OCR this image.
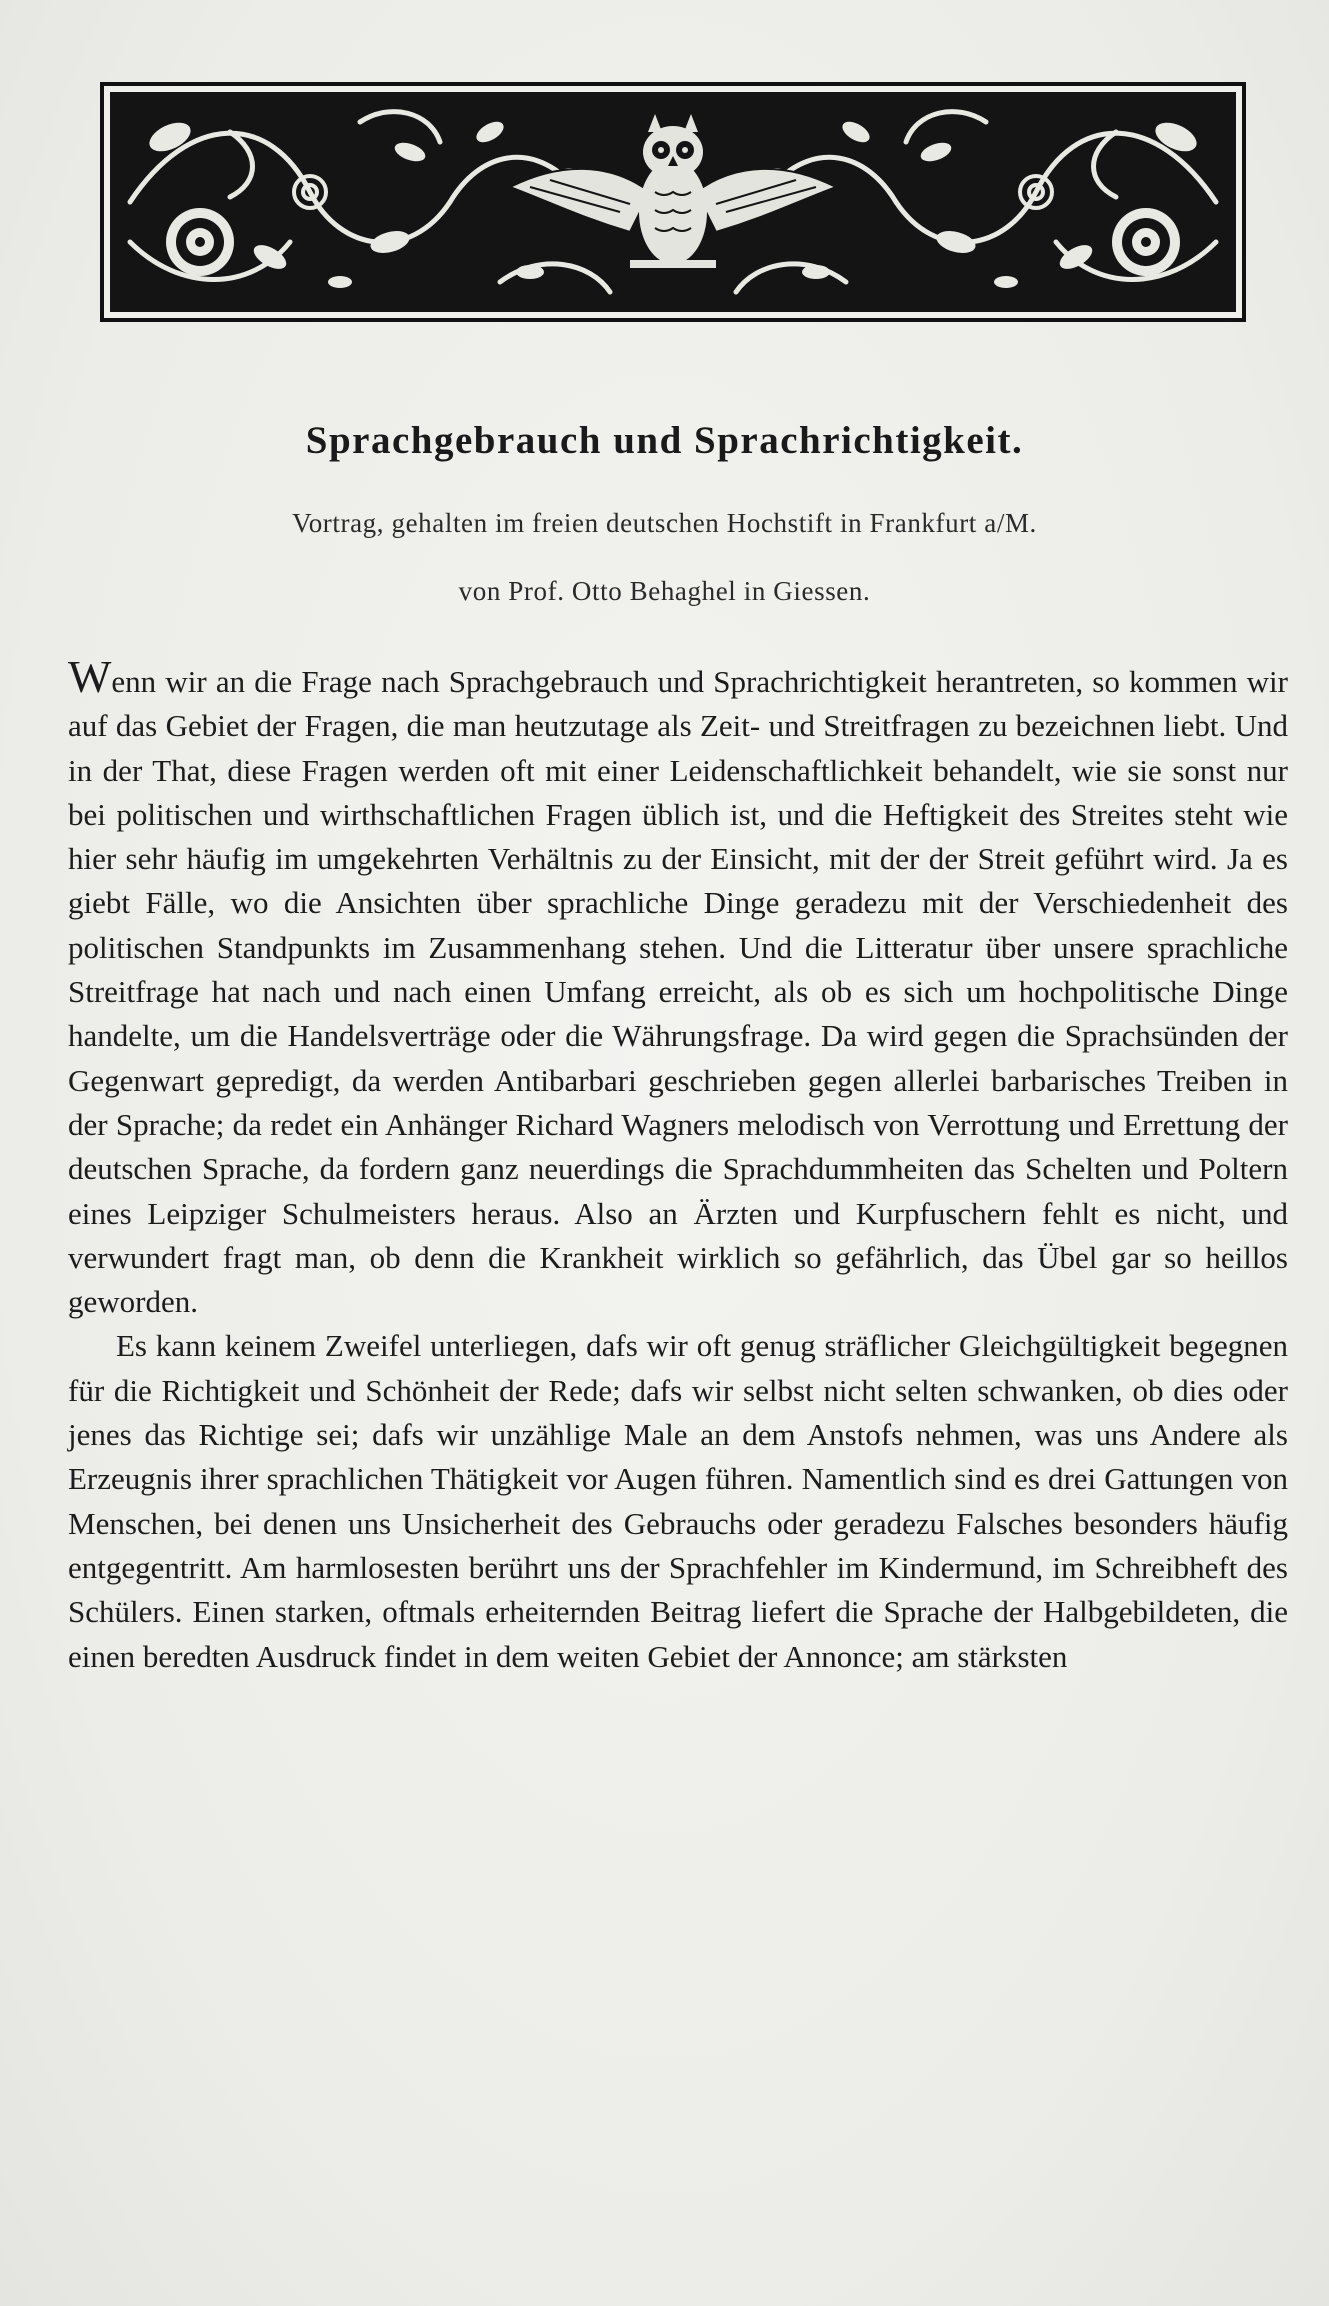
Sprachgebrauch und Sprachrichtigkeit.
Vortrag, gehalten im freien deutschen Hochstift in Frankfurt a/M.
von Prof. Otto Behaghel in Giessen.

Wenn wir an die Frage nach Sprachgebrauch und Sprachrichtigkeit herantreten, so kommen wir auf das Gebiet der Fragen, die man heutzutage als Zeit- und Streitfragen zu bezeichnen liebt. Und in der That, diese Fragen werden oft mit einer Leidenschaftlichkeit behandelt, wie sie sonst nur bei politischen und wirthschaftlichen Fragen üblich ist, und die Heftigkeit des Streites steht wie hier sehr häufig im umgekehrten Verhältnis zu der Einsicht, mit der der Streit geführt wird. Ja es giebt Fälle, wo die Ansichten über sprachliche Dinge geradezu mit der Verschiedenheit des politischen Standpunkts im Zusammenhang stehen. Und die Litteratur über unsere sprachliche Streitfrage hat nach und nach einen Umfang erreicht, als ob es sich um hochpolitische Dinge handelte, um die Handelsverträge oder die Währungsfrage. Da wird gegen die Sprachsünden der Gegenwart gepredigt, da werden Antibarbari geschrieben gegen allerlei barbarisches Treiben in der Sprache; da redet ein Anhänger Richard Wagners melodisch von Verrottung und Errettung der deutschen Sprache, da fordern ganz neuerdings die Sprachdummheiten das Schelten und Poltern eines Leipziger Schulmeisters heraus. Also an Ärzten und Kurpfuschern fehlt es nicht, und verwundert fragt man, ob denn die Krankheit wirklich so gefährlich, das Übel gar so heillos geworden.

Es kann keinem Zweifel unterliegen, dafs wir oft genug sträflicher Gleichgültigkeit begegnen für die Richtigkeit und Schönheit der Rede; dafs wir selbst nicht selten schwanken, ob dies oder jenes das Richtige sei; dafs wir unzählige Male an dem Anstofs nehmen, was uns Andere als Erzeugnis ihrer sprachlichen Thätigkeit vor Augen führen. Namentlich sind es drei Gattungen von Menschen, bei denen uns Unsicherheit des Gebrauchs oder geradezu Falsches besonders häufig entgegentritt. Am harmlosesten berührt uns der Sprachfehler im Kindermund, im Schreibheft des Schülers. Einen starken, oftmals erheiternden Beitrag liefert die Sprache der Halbgebildeten, die einen beredten Ausdruck findet in dem weiten Gebiet der Annonce; am stärksten
